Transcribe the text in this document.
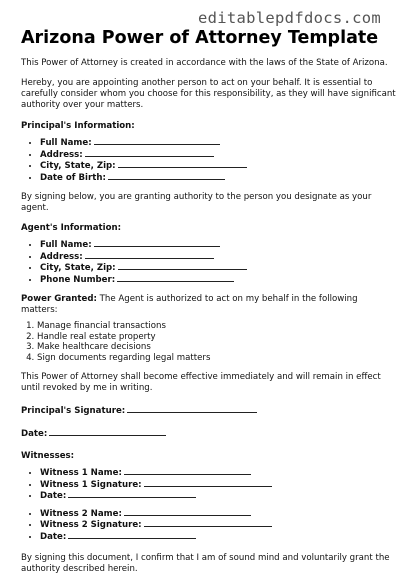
editablepdfdocs.com
Arizona Power of Attorney Template

This Power of Attorney is created in accordance with the laws of the State of Arizona.

Hereby, you are appointing another person to act on your behalf. It is essential to carefully consider whom you choose for this responsibility, as they will have significant authority over your matters.

Principal's Information:

• Full Name:
• Address:
• City, State, Zip:
• Date of Birth:

By signing below, you are granting authority to the person you designate as your agent.

Agent's Information:

• Full Name:
• Address:
• City, State, Zip:
• Phone Number:

Power Granted: The Agent is authorized to act on my behalf in the following matters:

1. Manage financial transactions
2. Handle real estate property
3. Make healthcare decisions
4. Sign documents regarding legal matters

This Power of Attorney shall become effective immediately and will remain in effect until revoked by me in writing.

Principal's Signature:

Date:

Witnesses:

• Witness 1 Name:
• Witness 1 Signature:
• Date:
• Witness 2 Name:
• Witness 2 Signature:
• Date:

By signing this document, I confirm that I am of sound mind and voluntarily grant the authority described herein.
